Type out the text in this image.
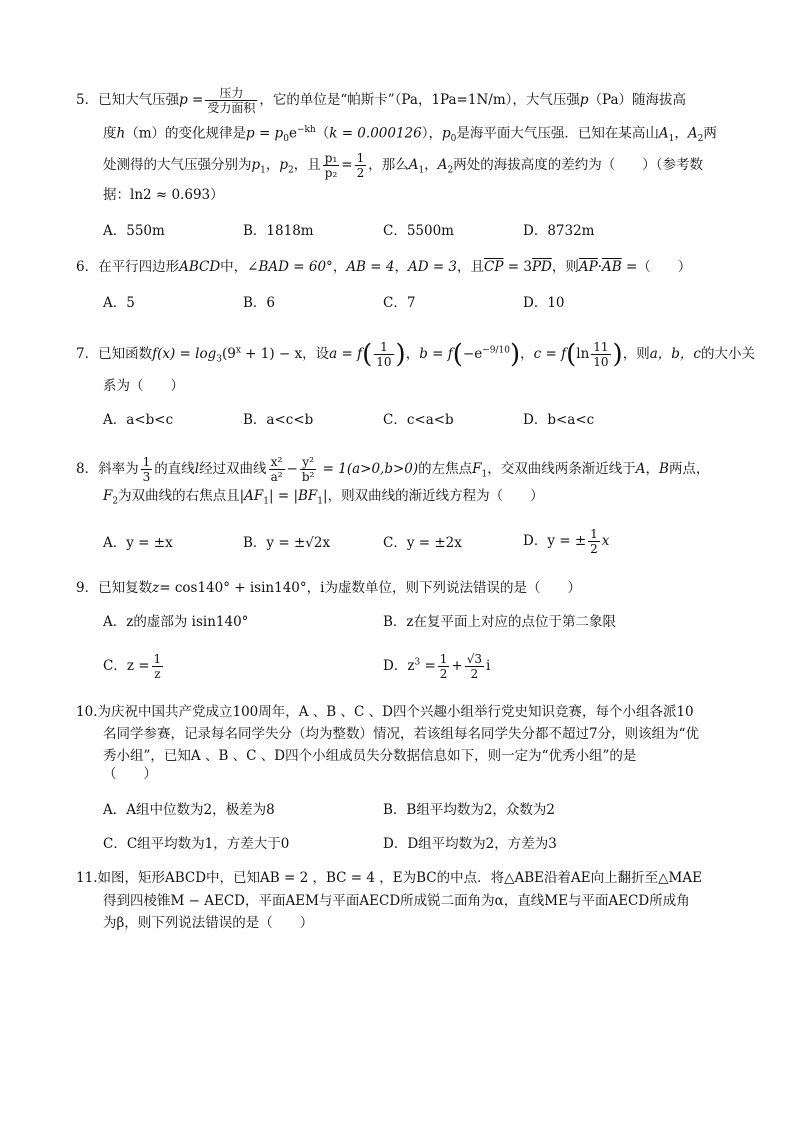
5．已知大气压强$p = \frac{\text{压力}}{\text{受力面积}}$ ，它的单位是“帕斯卡”（Pa，1Pa=1N/m），大气压强p（Pa）随海拔高
度h（m）的变化规律是$p = p_0e^{-kh}(k = 0.000126)$，$p_0$是海平面大气压强．已知在某高山$A_1$，$A_2$两
处测得的大气压强分别为$p_1$，$p_2$，且 $\frac{\text{p₁}}{\text{p₂}} = \frac{1}{2}$ ，那么$A_1$，$A_2$两处的海拔高度的差约为（　　）（参考数
据：ln2 ≈ 0.693）
A．550m	B．1818m	C．5500m	D．8732m
6．在平行四边形ABCD中，∠BAD = 60°，AB = 4，AD = 3，且$\overline{CP} = 3\overline{PD}$，则$\overline{AP}\cdot\overline{AB}$ =（　　）
A．5	B．6	C．7	D．10
7．已知函数$f(x) = \log_3(9^x + 1) - x$，设$a = f( \frac{1}{10}$ )，$b = f(-e^{-9/10})$，$c = f(\ln \frac{11}{10}$ )，则a，b，c的大小关
系为（　　）
A．a<b<c	B．a<c<b	C．c<a<b	D．b<a<c
8．斜率为 $\frac{1}{3}$ 的直线l经过双曲线 $\frac{\text{x²}}{\text{a²}} - \frac{\text{y²}}{\text{b²}} = 1(a>0,b>0)$的左焦点$F_1$，交双曲线两条渐近线于A，B两点，
$F_2$为双曲线的右焦点且$|AF_1| = |BF_1|$，则双曲线的渐近线方程为（　　）
A．y = ±x	B．y = ±√2x	C．y = ±2x	D．y = ± $\frac{1}{2}$ x
9．已知复数z= cos140° + isin140°，i为虚数单位，则下列说法错误的是（　　）
A．z的虚部为 isin140°	B．z在复平面上对应的点位于第二象限
C．$z = \frac{1}{z}$	D．$z^3 = \frac{1}{2} + \frac{√3}{2}$ i
10.为庆祝中国共产党成立100周年，A 、B 、C 、D四个兴趣小组举行党史知识竞赛，每个小组各派10
名同学参赛，记录每名同学失分（均为整数）情况，若该组每名同学失分都不超过7分，则该组为“优
秀小组”，已知A 、B 、C 、D四个小组成员失分数据信息如下，则一定为“优秀小组”的是
（　　）
A．A组中位数为2，极差为8	B．B组平均数为2，众数为2
C．C组平均数为1，方差大于0	D．D组平均数为2，方差为3
11.如图，矩形ABCD中，已知AB = 2 ，BC = 4 ，E为BC的中点．将△ABE沿着AE向上翻折至△MAE
得到四棱锥M − AECD，平面AEM与平面AECD所成锐二面角为α，直线ME与平面AECD所成角
为β，则下列说法错误的是（　　）
